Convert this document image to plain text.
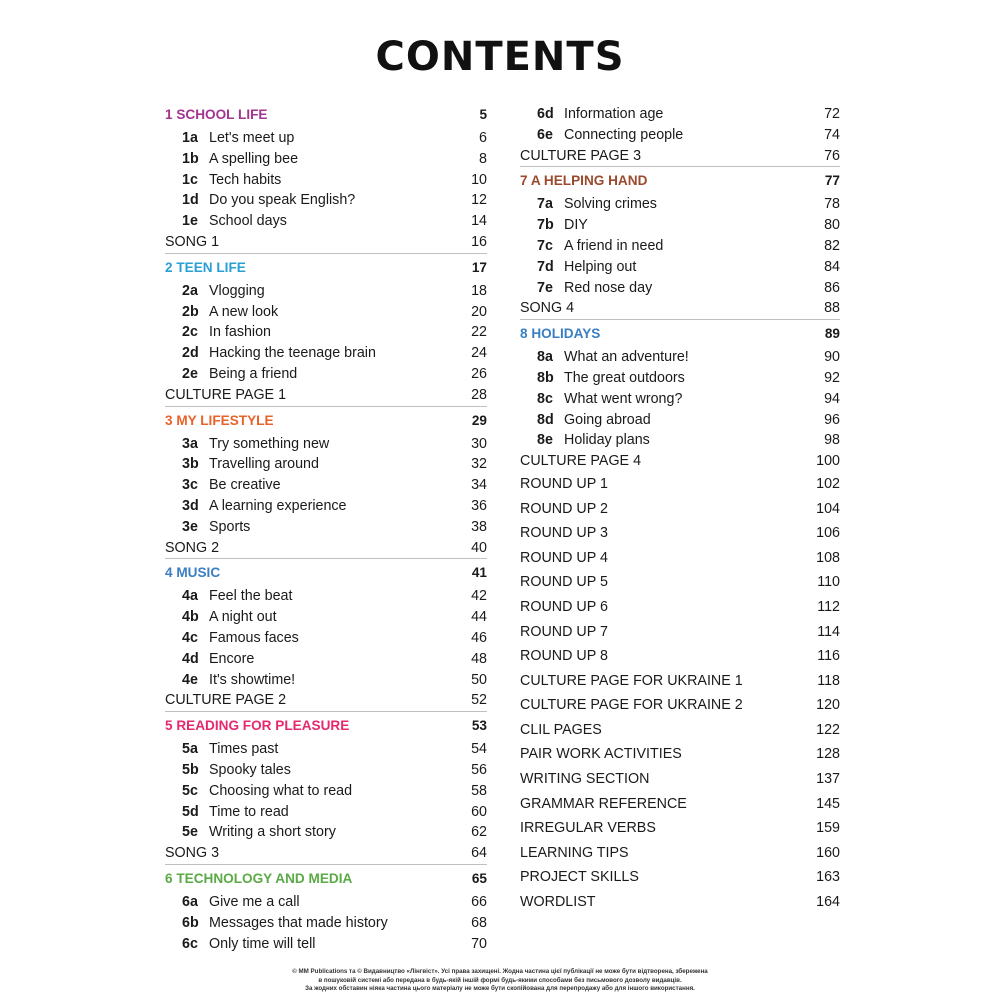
CONTENTS
1 SCHOOL LIFE	5
1a Let's meet up	6
1b A spelling bee	8
1c Tech habits	10
1d Do you speak English?	12
1e School days	14
SONG 1	16
2 TEEN LIFE	17
2a Vlogging	18
2b A new look	20
2c In fashion	22
2d Hacking the teenage brain	24
2e Being a friend	26
CULTURE PAGE 1	28
3 MY LIFESTYLE	29
3a Try something new	30
3b Travelling around	32
3c Be creative	34
3d A learning experience	36
3e Sports	38
SONG 2	40
4 MUSIC	41
4a Feel the beat	42
4b A night out	44
4c Famous faces	46
4d Encore	48
4e It's showtime!	50
CULTURE PAGE 2	52
5 READING FOR PLEASURE	53
5a Times past	54
5b Spooky tales	56
5c Choosing what to read	58
5d Time to read	60
5e Writing a short story	62
SONG 3	64
6 TECHNOLOGY AND MEDIA	65
6a Give me a call	66
6b Messages that made history	68
6c Only time will tell	70
6d Information age	72
6e Connecting people	74
CULTURE PAGE 3	76
7 A HELPING HAND	77
7a Solving crimes	78
7b DIY	80
7c A friend in need	82
7d Helping out	84
7e Red nose day	86
SONG 4	88
8 HOLIDAYS	89
8a What an adventure!	90
8b The great outdoors	92
8c What went wrong?	94
8d Going abroad	96
8e Holiday plans	98
CULTURE PAGE 4	100
ROUND UP 1	102
ROUND UP 2	104
ROUND UP 3	106
ROUND UP 4	108
ROUND UP 5	110
ROUND UP 6	112
ROUND UP 7	114
ROUND UP 8	116
CULTURE PAGE FOR UKRAINE 1	118
CULTURE PAGE FOR UKRAINE 2	120
CLIL PAGES	122
PAIR WORK ACTIVITIES	128
WRITING SECTION	137
GRAMMAR REFERENCE	145
IRREGULAR VERBS	159
LEARNING TIPS	160
PROJECT SKILLS	163
WORDLIST	164
© MM Publications та © Видавництво «Лінгвіст». Усі права захищені. Жодна частина цієї публікації не може бути відтворена, збережена
в пошуковій системі або передана в будь-якій іншій формі будь-якими способами без письмового дозволу видавців.
За жодних обставин ніяка частина цього матеріалу не може бути скопійована для перепродажу або для іншого використання.
